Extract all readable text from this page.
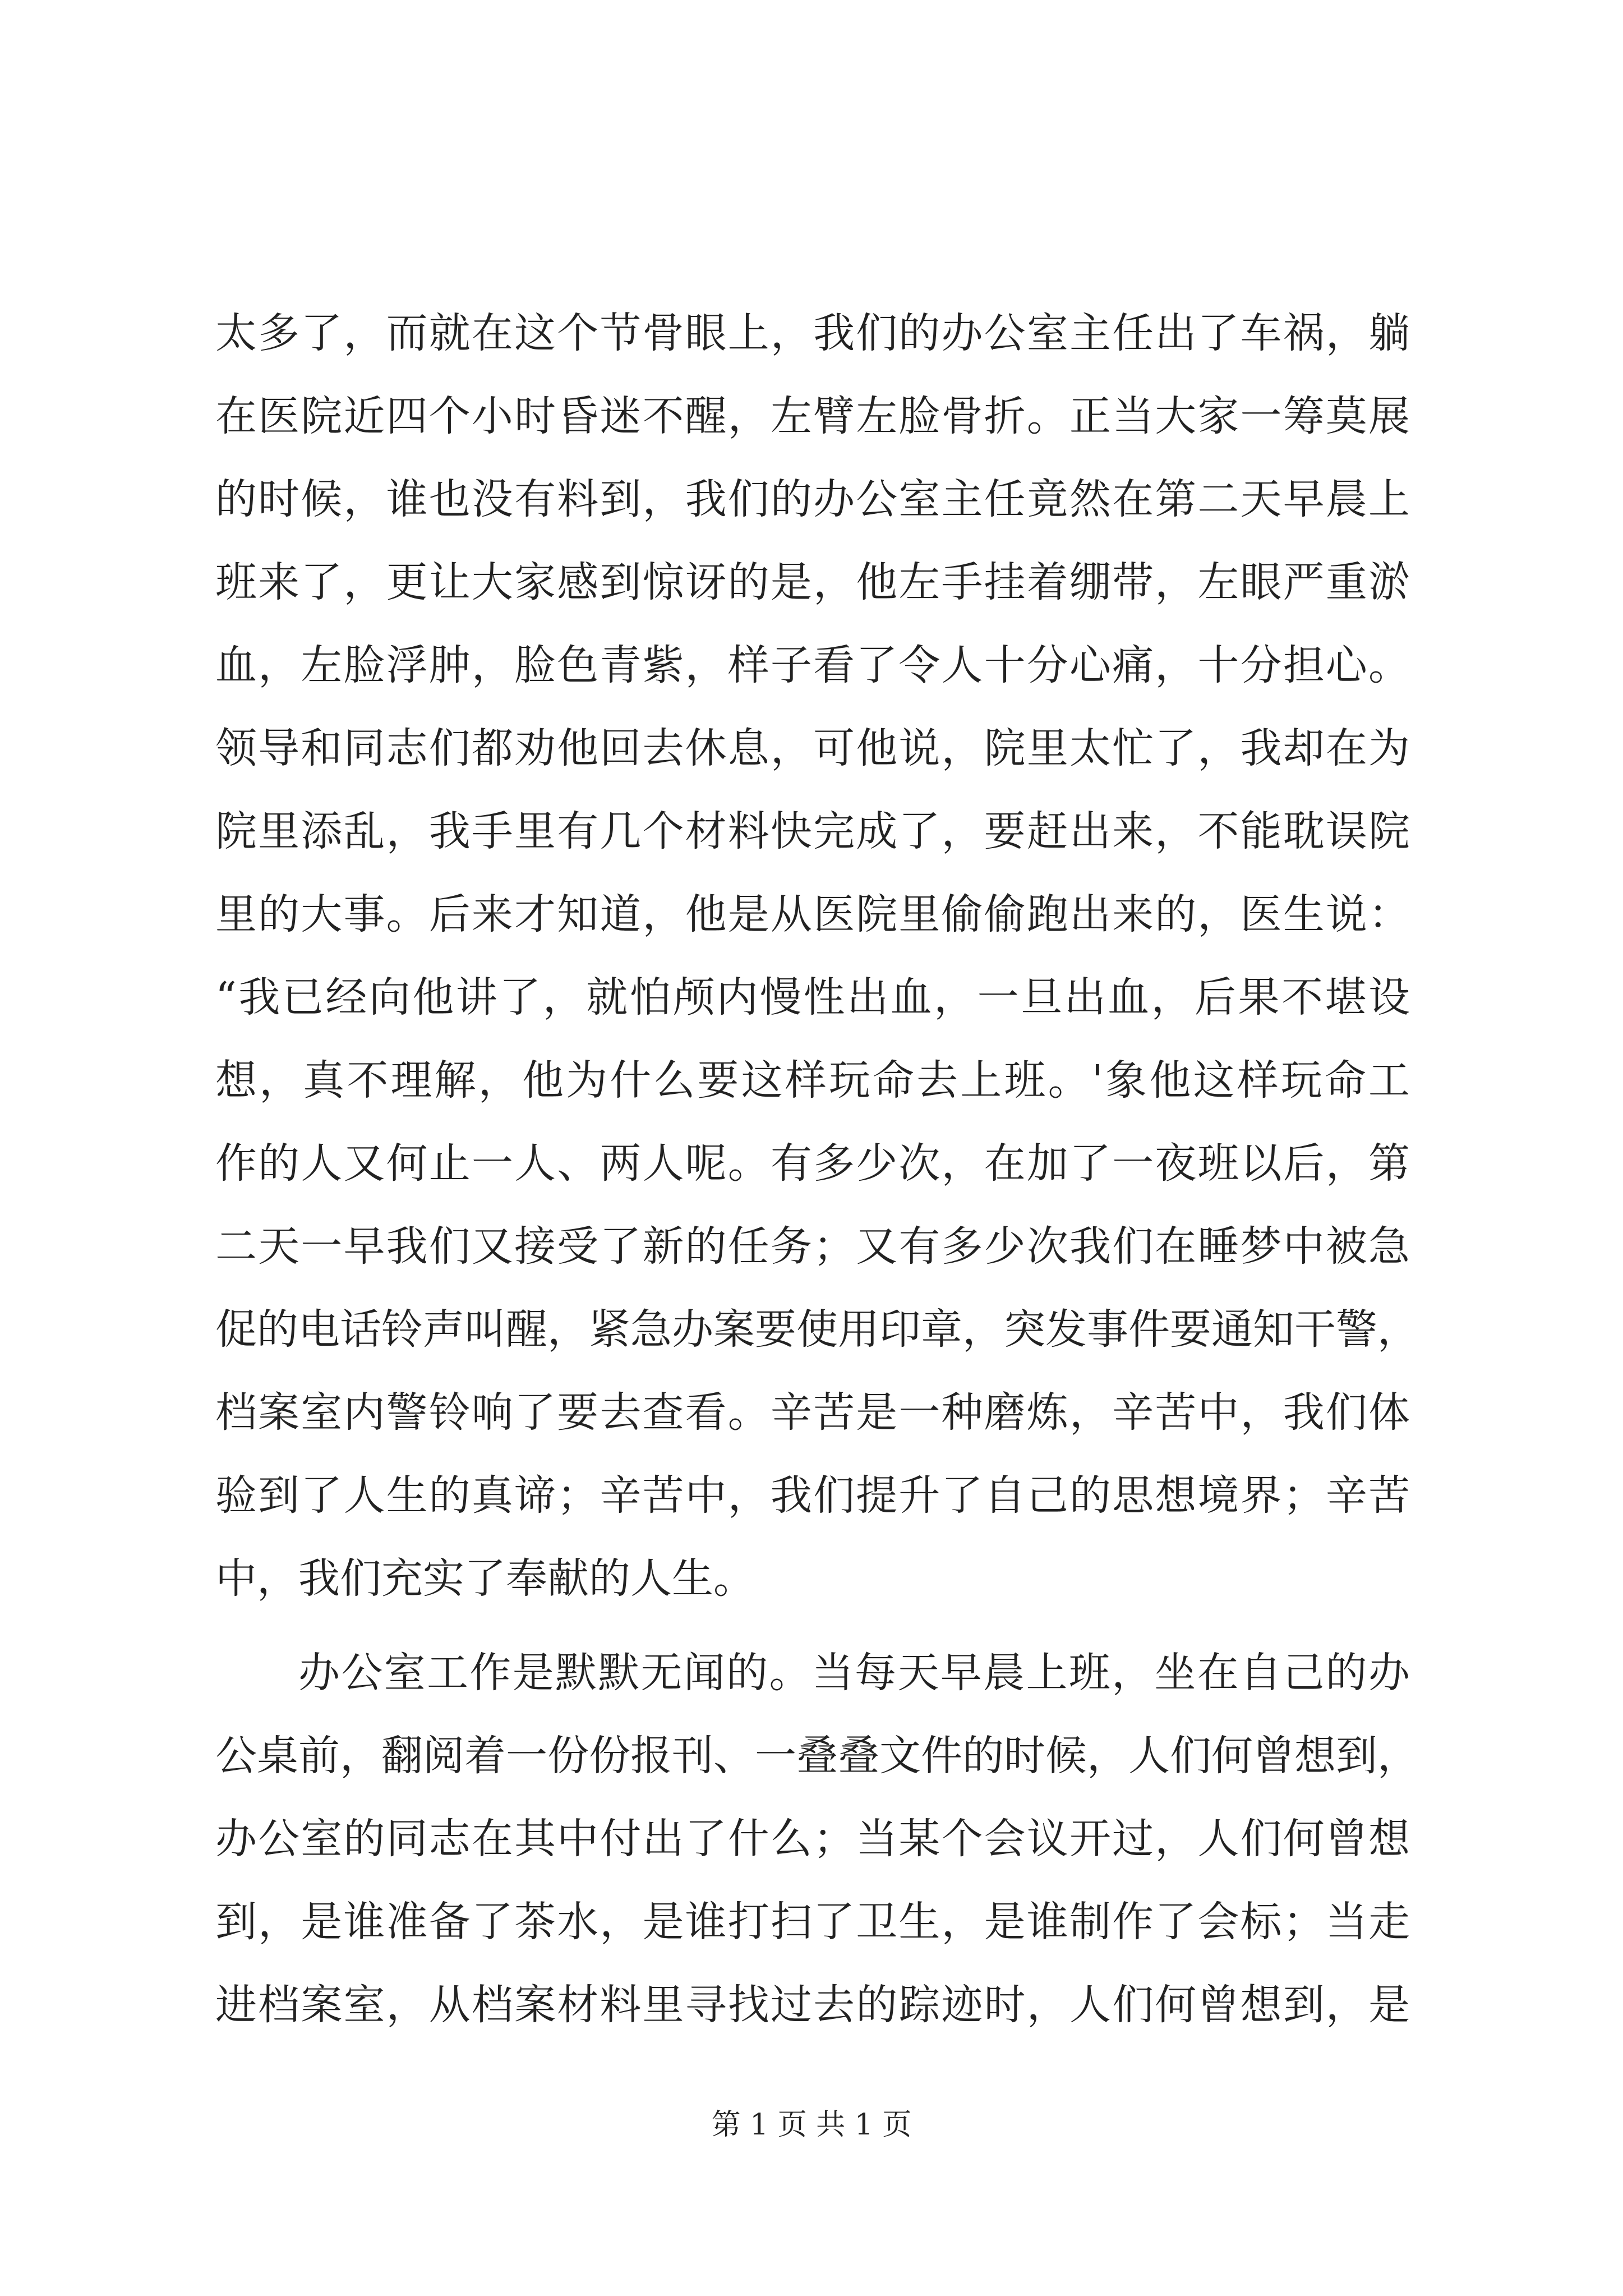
太多了，而就在这个节骨眼上，我们的办公室主任出了车祸，躺
在医院近四个小时昏迷不醒，左臂左脸骨折。正当大家一筹莫展
的时候，谁也没有料到，我们的办公室主任竟然在第二天早晨上
班来了，更让大家感到惊讶的是，他左手挂着绷带，左眼严重淤
血，左脸浮肿，脸色青紫，样子看了令人十分心痛，十分担心。
领导和同志们都劝他回去休息，可他说，院里太忙了，我却在为
院里添乱，我手里有几个材料快完成了，要赶出来，不能耽误院
里的大事。后来才知道，他是从医院里偷偷跑出来的，医生说：
“我已经向他讲了，就怕颅内慢性出血，一旦出血，后果不堪设
想，真不理解，他为什么要这样玩命去上班。'象他这样玩命工
作的人又何止一人、两人呢。有多少次，在加了一夜班以后，第
二天一早我们又接受了新的任务；又有多少次我们在睡梦中被急
促的电话铃声叫醒，紧急办案要使用印章，突发事件要通知干警，
档案室内警铃响了要去查看。辛苦是一种磨炼，辛苦中，我们体
验到了人生的真谛；辛苦中，我们提升了自己的思想境界；辛苦
中，我们充实了奉献的人生。
办公室工作是默默无闻的。当每天早晨上班，坐在自己的办
公桌前，翻阅着一份份报刊、一叠叠文件的时候，人们何曾想到，
办公室的同志在其中付出了什么；当某个会议开过，人们何曾想
到，是谁准备了茶水，是谁打扫了卫生，是谁制作了会标；当走
进档案室，从档案材料里寻找过去的踪迹时，人们何曾想到，是
第 1 页 共 1 页
